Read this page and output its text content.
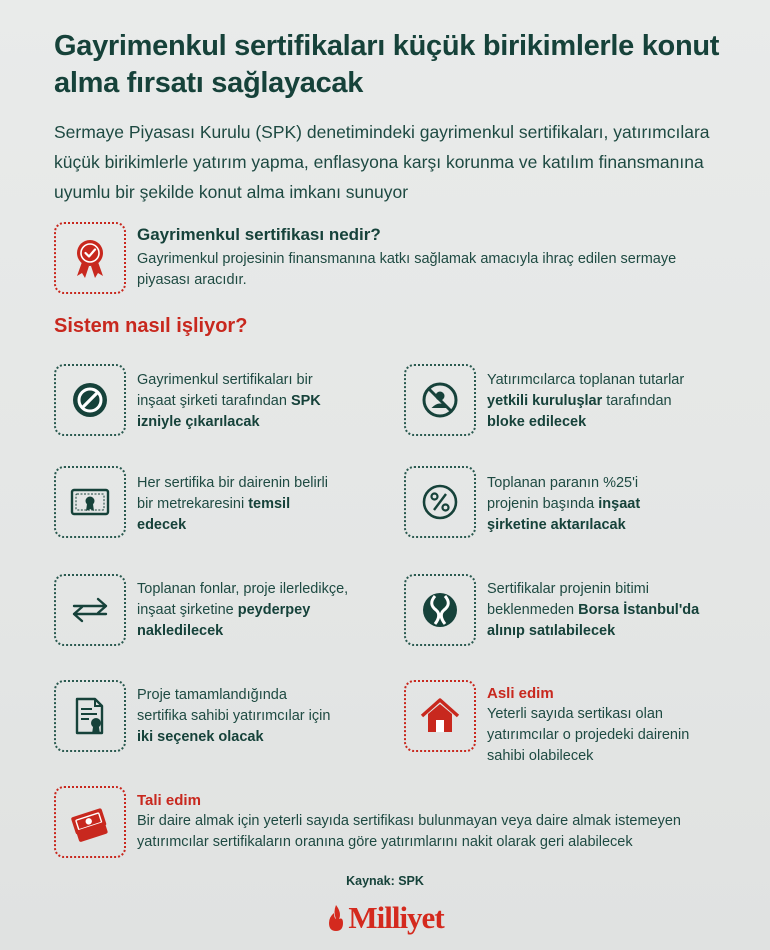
Gayrimenkul sertifikaları küçük birikimlerle konut alma fırsatı sağlayacak
Sermaye Piyasası Kurulu (SPK) denetimindeki gayrimenkul sertifikaları, yatırımcılara küçük birikimlerle yatırım yapma, enflasyona karşı korunma ve katılım finansmanına uyumlu bir şekilde konut alma imkanı sunuyor
Gayrimenkul sertifikası nedir?
Gayrimenkul projesinin finansmanına katkı sağlamak amacıyla ihraç edilen sermaye piyasası aracıdır.
Sistem nasıl işliyor?
Gayrimenkul sertifikaları bir inşaat şirketi tarafından SPK izniyle çıkarılacak
Yatırımcılarca toplanan tutarlar yetkili kuruluşlar tarafından bloke edilecek
Her sertifika bir dairenin belirli bir metrekaresini temsil edecek
Toplanan paranın %25'i projenin başında inşaat şirketine aktarılacak
Toplanan fonlar, proje ilerledikçe, inşaat şirketine peyderpey nakledilecek
Sertifikalar projenin bitimi beklenmeden Borsa İstanbul'da alınıp satılabilecek
Proje tamamlandığında sertifika sahibi yatırımcılar için iki seçenek olacak
Asli edim
Yeterli sayıda sertikası olan yatırımcılar o projedeki dairenin sahibi olabilecek
Tali edim
Bir daire almak için yeterli sayıda sertifikası bulunmayan veya daire almak istemeyen yatırımcılar sertifikaların oranına göre yatırımlarını nakit olarak geri alabilecek
Kaynak: SPK
Milliyet
